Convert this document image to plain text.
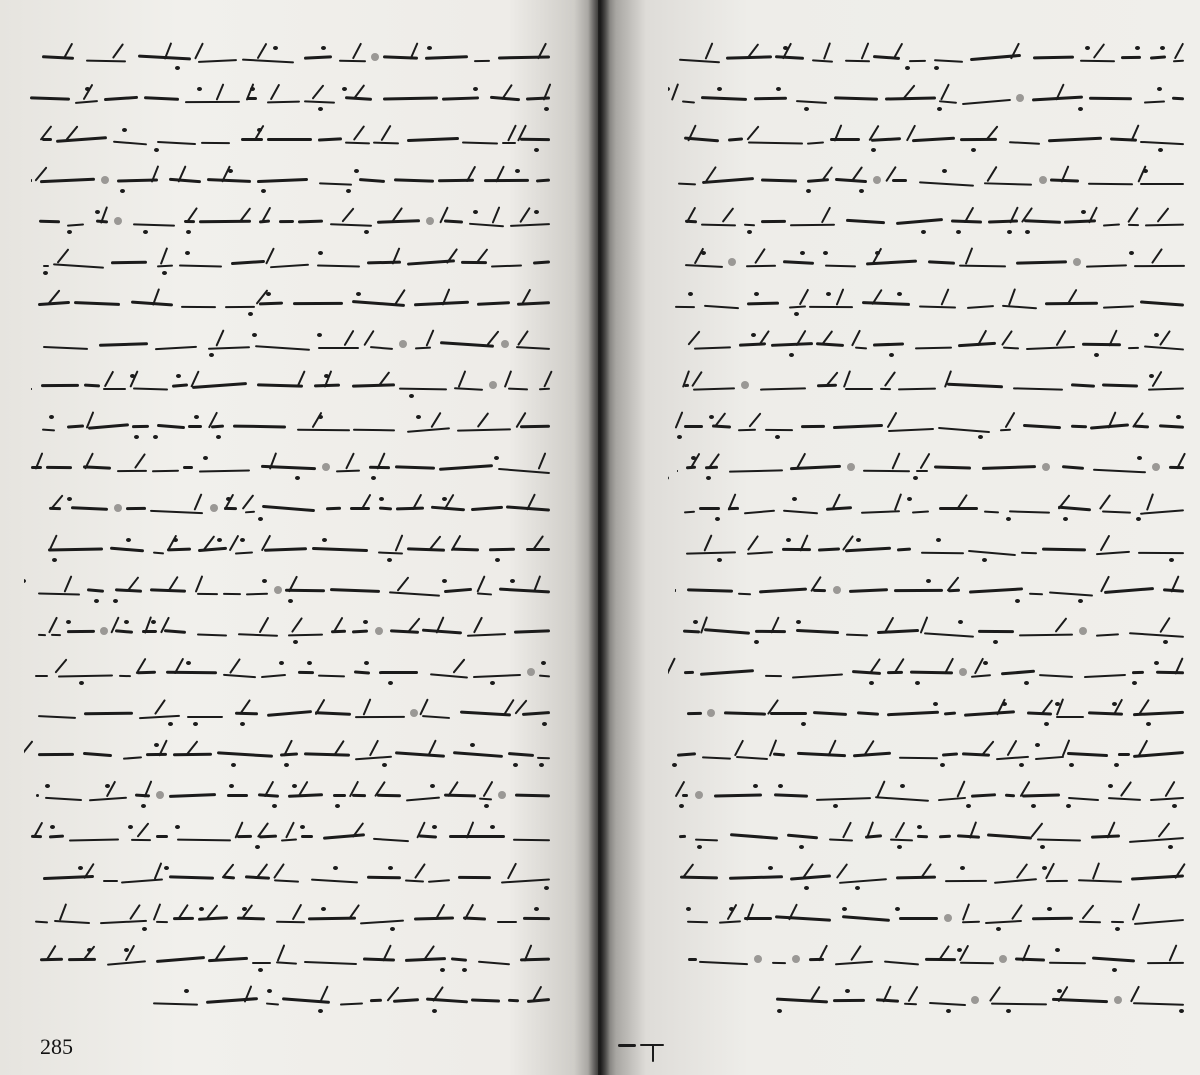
285
